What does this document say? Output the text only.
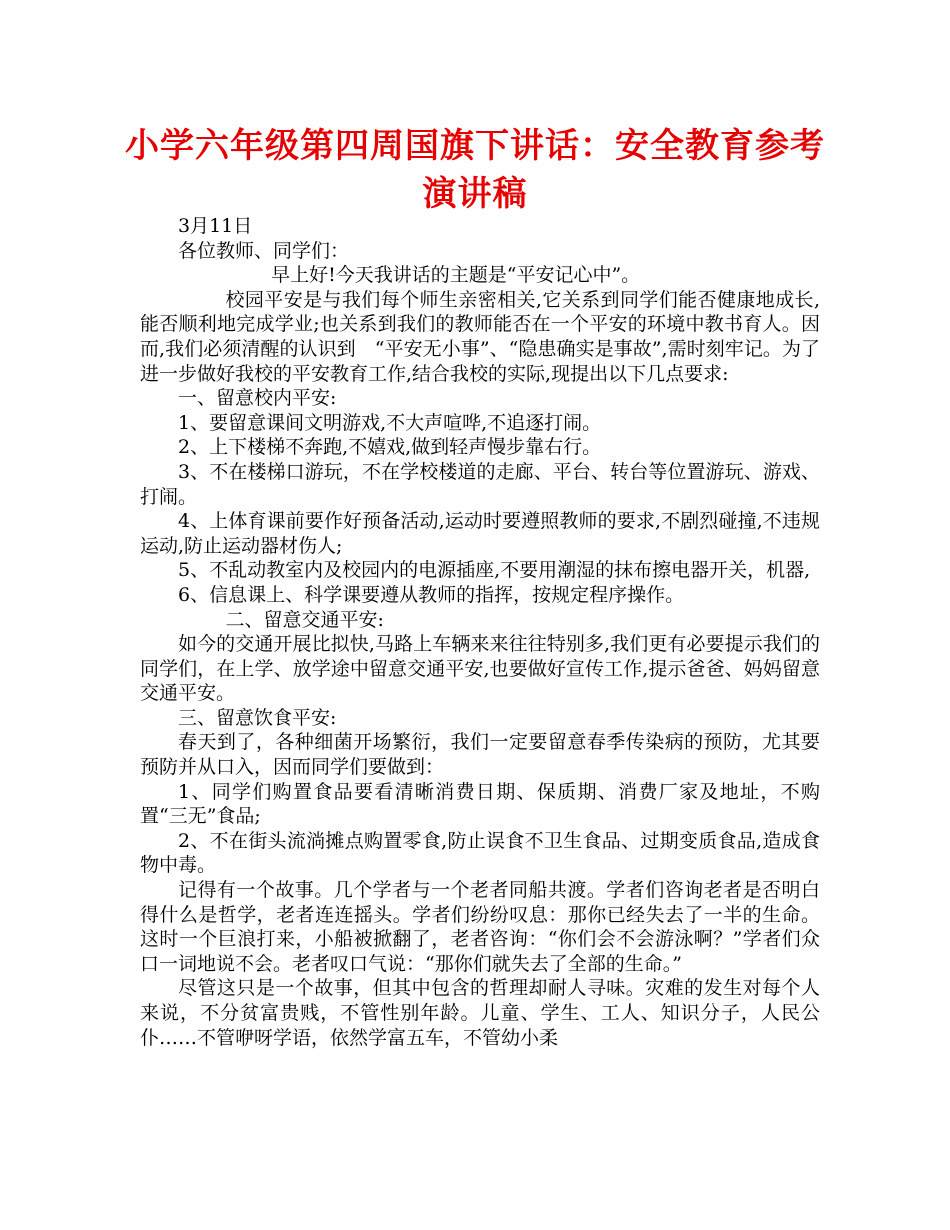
小学六年级第四周国旗下讲话：安全教育参考演讲稿

3月11日

各位教师、同学们：

早上好!今天我讲话的主题是“平安记心中”。

校园平安是与我们每个师生亲密相关,它关系到同学们能否健康地成长,能否顺利地完成学业;也关系到我们的教师能否在一个平安的环境中教书育人。因而,我们必须清醒的认识到　“平安无小事”、“隐患确实是事故”,需时刻牢记。为了进一步做好我校的平安教育工作,结合我校的实际,现提出以下几点要求:

一、留意校内平安:

1、要留意课间文明游戏,不大声喧哗,不追逐打闹。

2、上下楼梯不奔跑,不嬉戏,做到轻声慢步靠右行。

3、不在楼梯口游玩，不在学校楼道的走廊、平台、转台等位置游玩、游戏、打闹。

4、上体育课前要作好预备活动,运动时要遵照教师的要求,不剧烈碰撞,不违规运动,防止运动器材伤人;

5、不乱动教室内及校园内的电源插座,不要用潮湿的抹布擦电器开关，机器,

6、信息课上、科学课要遵从教师的指挥，按规定程序操作。

二、留意交通平安:

如今的交通开展比拟快,马路上车辆来来往往特别多,我们更有必要提示我们的同学们，在上学、放学途中留意交通平安,也要做好宣传工作,提示爸爸、妈妈留意交通平安。

三、留意饮食平安:

春天到了，各种细菌开场繁衍，我们一定要留意春季传染病的预防，尤其要预防并从口入，因而同学们要做到：

1、同学们购置食品要看清晰消费日期、保质期、消费厂家及地址，不购置“三无”食品;

2、不在街头流淌摊点购置零食,防止误食不卫生食品、过期变质食品,造成食物中毒。

记得有一个故事。几个学者与一个老者同船共渡。学者们咨询老者是否明白得什么是哲学，老者连连摇头。学者们纷纷叹息：那你已经失去了一半的生命。这时一个巨浪打来，小船被掀翻了，老者咨询：“你们会不会游泳啊？”学者们众口一词地说不会。老者叹口气说：“那你们就失去了全部的生命。”

尽管这只是一个故事，但其中包含的哲理却耐人寻味。灾难的发生对每个人来说，不分贫富贵贱，不管性别年龄。儿童、学生、工人、知识分子，人民公仆……不管咿呀学语，依然学富五车，不管幼小柔
